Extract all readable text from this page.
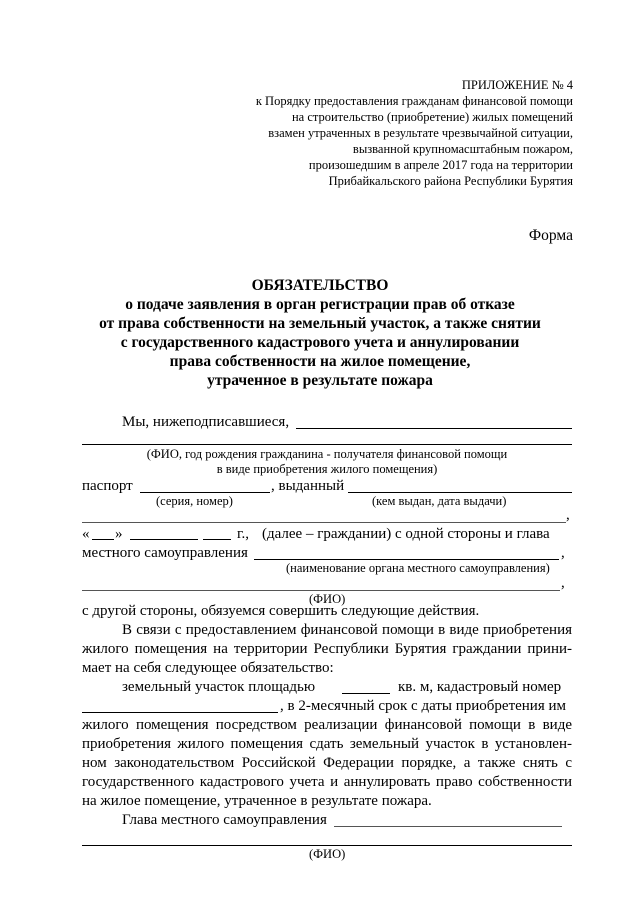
ПРИЛОЖЕНИЕ № 4
к Порядку предоставления гражданам финансовой помощи
на строительство (приобретение) жилых помещений
взамен утраченных в результате чрезвычайной ситуации,
вызванной крупномасштабным пожаром,
произошедшим в апреле 2017 года на территории
Прибайкальского района Республики Бурятия
Форма
ОБЯЗАТЕЛЬСТВО
о подаче заявления в орган регистрации прав об отказе
от права собственности на земельный участок, а также снятии
с государственного кадастрового учета и аннулировании
права собственности на жилое помещение,
утраченное в результате пожара
Мы, нижеподписавшиеся,
(ФИО, год рождения гражданина - получателя финансовой помощи
в виде приобретения жилого помещения)
паспорт	, выданный
(серия, номер)	(кем выдан, дата выдачи)
,
« »	г., (далее – граждании) с одной стороны и глава
местного самоуправления	,
(наименование органа местного самоуправления)
,
(ФИО)
с другой стороны, обязуемся совершить следующие действия.
В связи с предоставлением финансовой помощи в виде приобретения
жилого помещения на территории Республики Бурятия граждании прини-
мает на себя следующее обязательство:
земельный участок площадью	кв. м, кадастровый номер
, в 2-месячный срок с даты приобретения им
жилого помещения посредством реализации финансовой помощи в виде
приобретения жилого помещения сдать земельный участок в установлен-
ном законодательством Российской Федерации порядке, а также снять с
государственного кадастрового учета и аннулировать право собственности
на жилое помещение, утраченное в результате пожара.
Глава местного самоуправления
(ФИО)
